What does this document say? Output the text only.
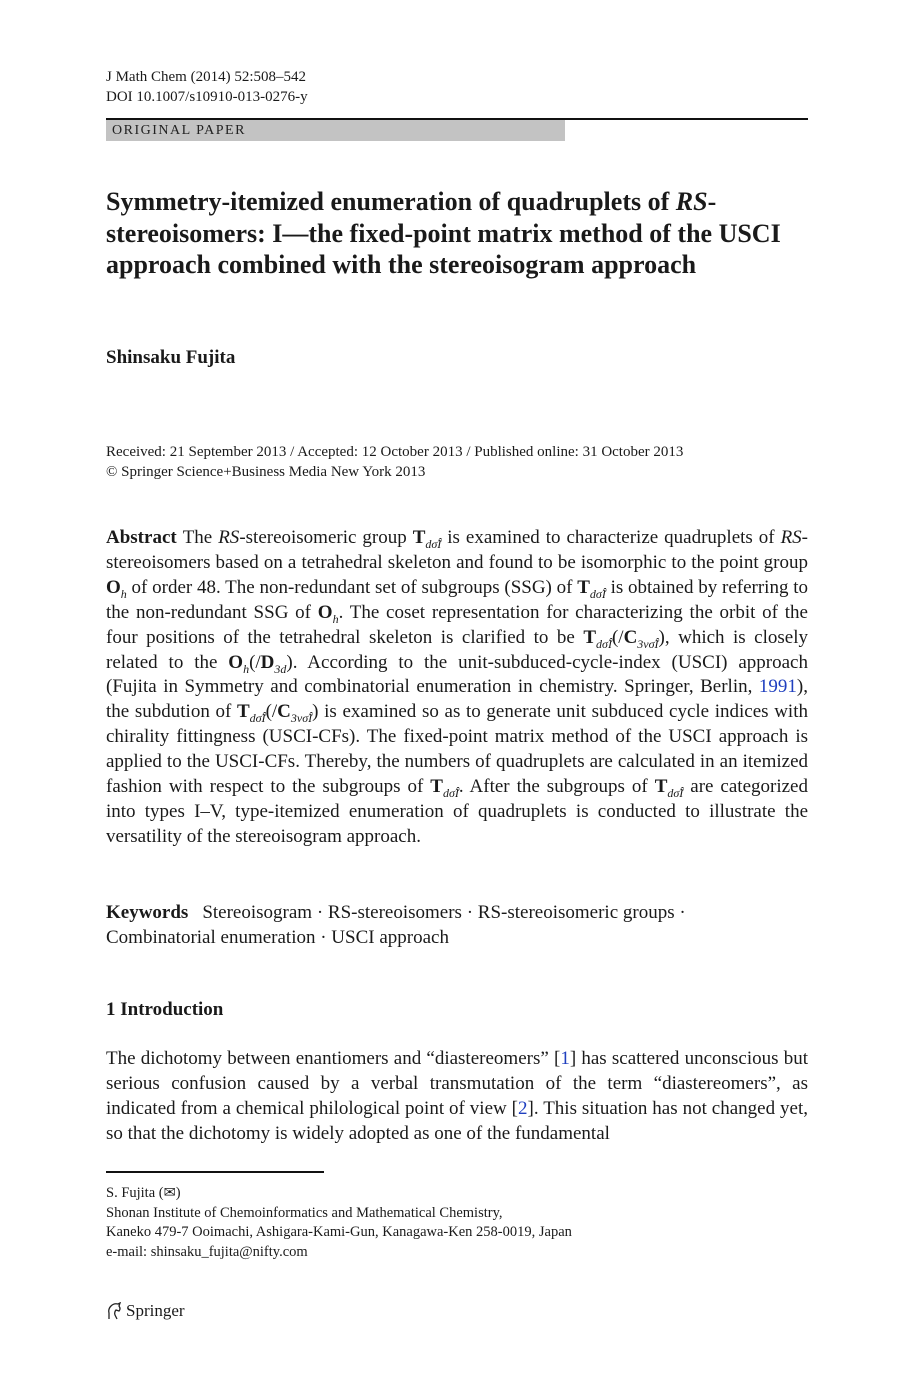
J Math Chem (2014) 52:508–542
DOI 10.1007/s10910-013-0276-y
ORIGINAL PAPER
Symmetry-itemized enumeration of quadruplets of RS-stereoisomers: I—the fixed-point matrix method of the USCI approach combined with the stereoisogram approach
Shinsaku Fujita
Received: 21 September 2013 / Accepted: 12 October 2013 / Published online: 31 October 2013
© Springer Science+Business Media New York 2013

Abstract The RS-stereoisomeric group $T_{d\sigmãÎ}$ is examined to characterize quadruplets of RS-stereoisomers based on a tetrahedral skeleton and found to be isomorphic to the point group $O_h$ of order 48. The non-redundant set of subgroups (SSG) of $T_{d\sigmãÎ}$ is obtained by referring to the non-redundant SSG of $O_h$. The coset representation for characterizing the orbit of the four positions of the tetrahedral skeleton is clarified to be $T_{d\sigmãÎ}(/C_{3v\sigmãÎ})$, which is closely related to the $O_h(/D_{3d})$. According to the unit-subduced-cycle-index (USCI) approach (Fujita in Symmetry and combinatorial enumeration in chemistry. Springer, Berlin, 1991), the subdution of $T_{d\sigmãÎ}(/C_{3v\sigmãÎ})$ is examined so as to generate unit subduced cycle indices with chirality fittingness (USCI-CFs). The fixed-point matrix method of the USCI approach is applied to the USCI-CFs. Thereby, the numbers of quadruplets are calculated in an itemized fashion with respect to the subgroups of $T_{d\sigmãÎ}$. After the subgroups of $T_{d\sigmãÎ}$ are categorized into types I–V, type-itemized enumeration of quadruplets is conducted to illustrate the versatility of the stereoisogram approach.

Keywords Stereoisogram · RS-stereoisomers · RS-stereoisomeric groups ·
Combinatorial enumeration · USCI approach
1 Introduction

The dichotomy between enantiomers and “diastereomers” [1] has scattered unconscious but serious confusion caused by a verbal transmutation of the term “diastereomers”, as indicated from a chemical philological point of view [2]. This situation has not changed yet, so that the dichotomy is widely adopted as one of the fundamental

S. Fujita (✉)
Shonan Institute of Chemoinformatics and Mathematical Chemistry,
Kaneko 479-7 Ooimachi, Ashigara-Kami-Gun, Kanagawa-Ken 258-0019, Japan
e-mail: shinsaku_fujita@nifty.com
Springer
